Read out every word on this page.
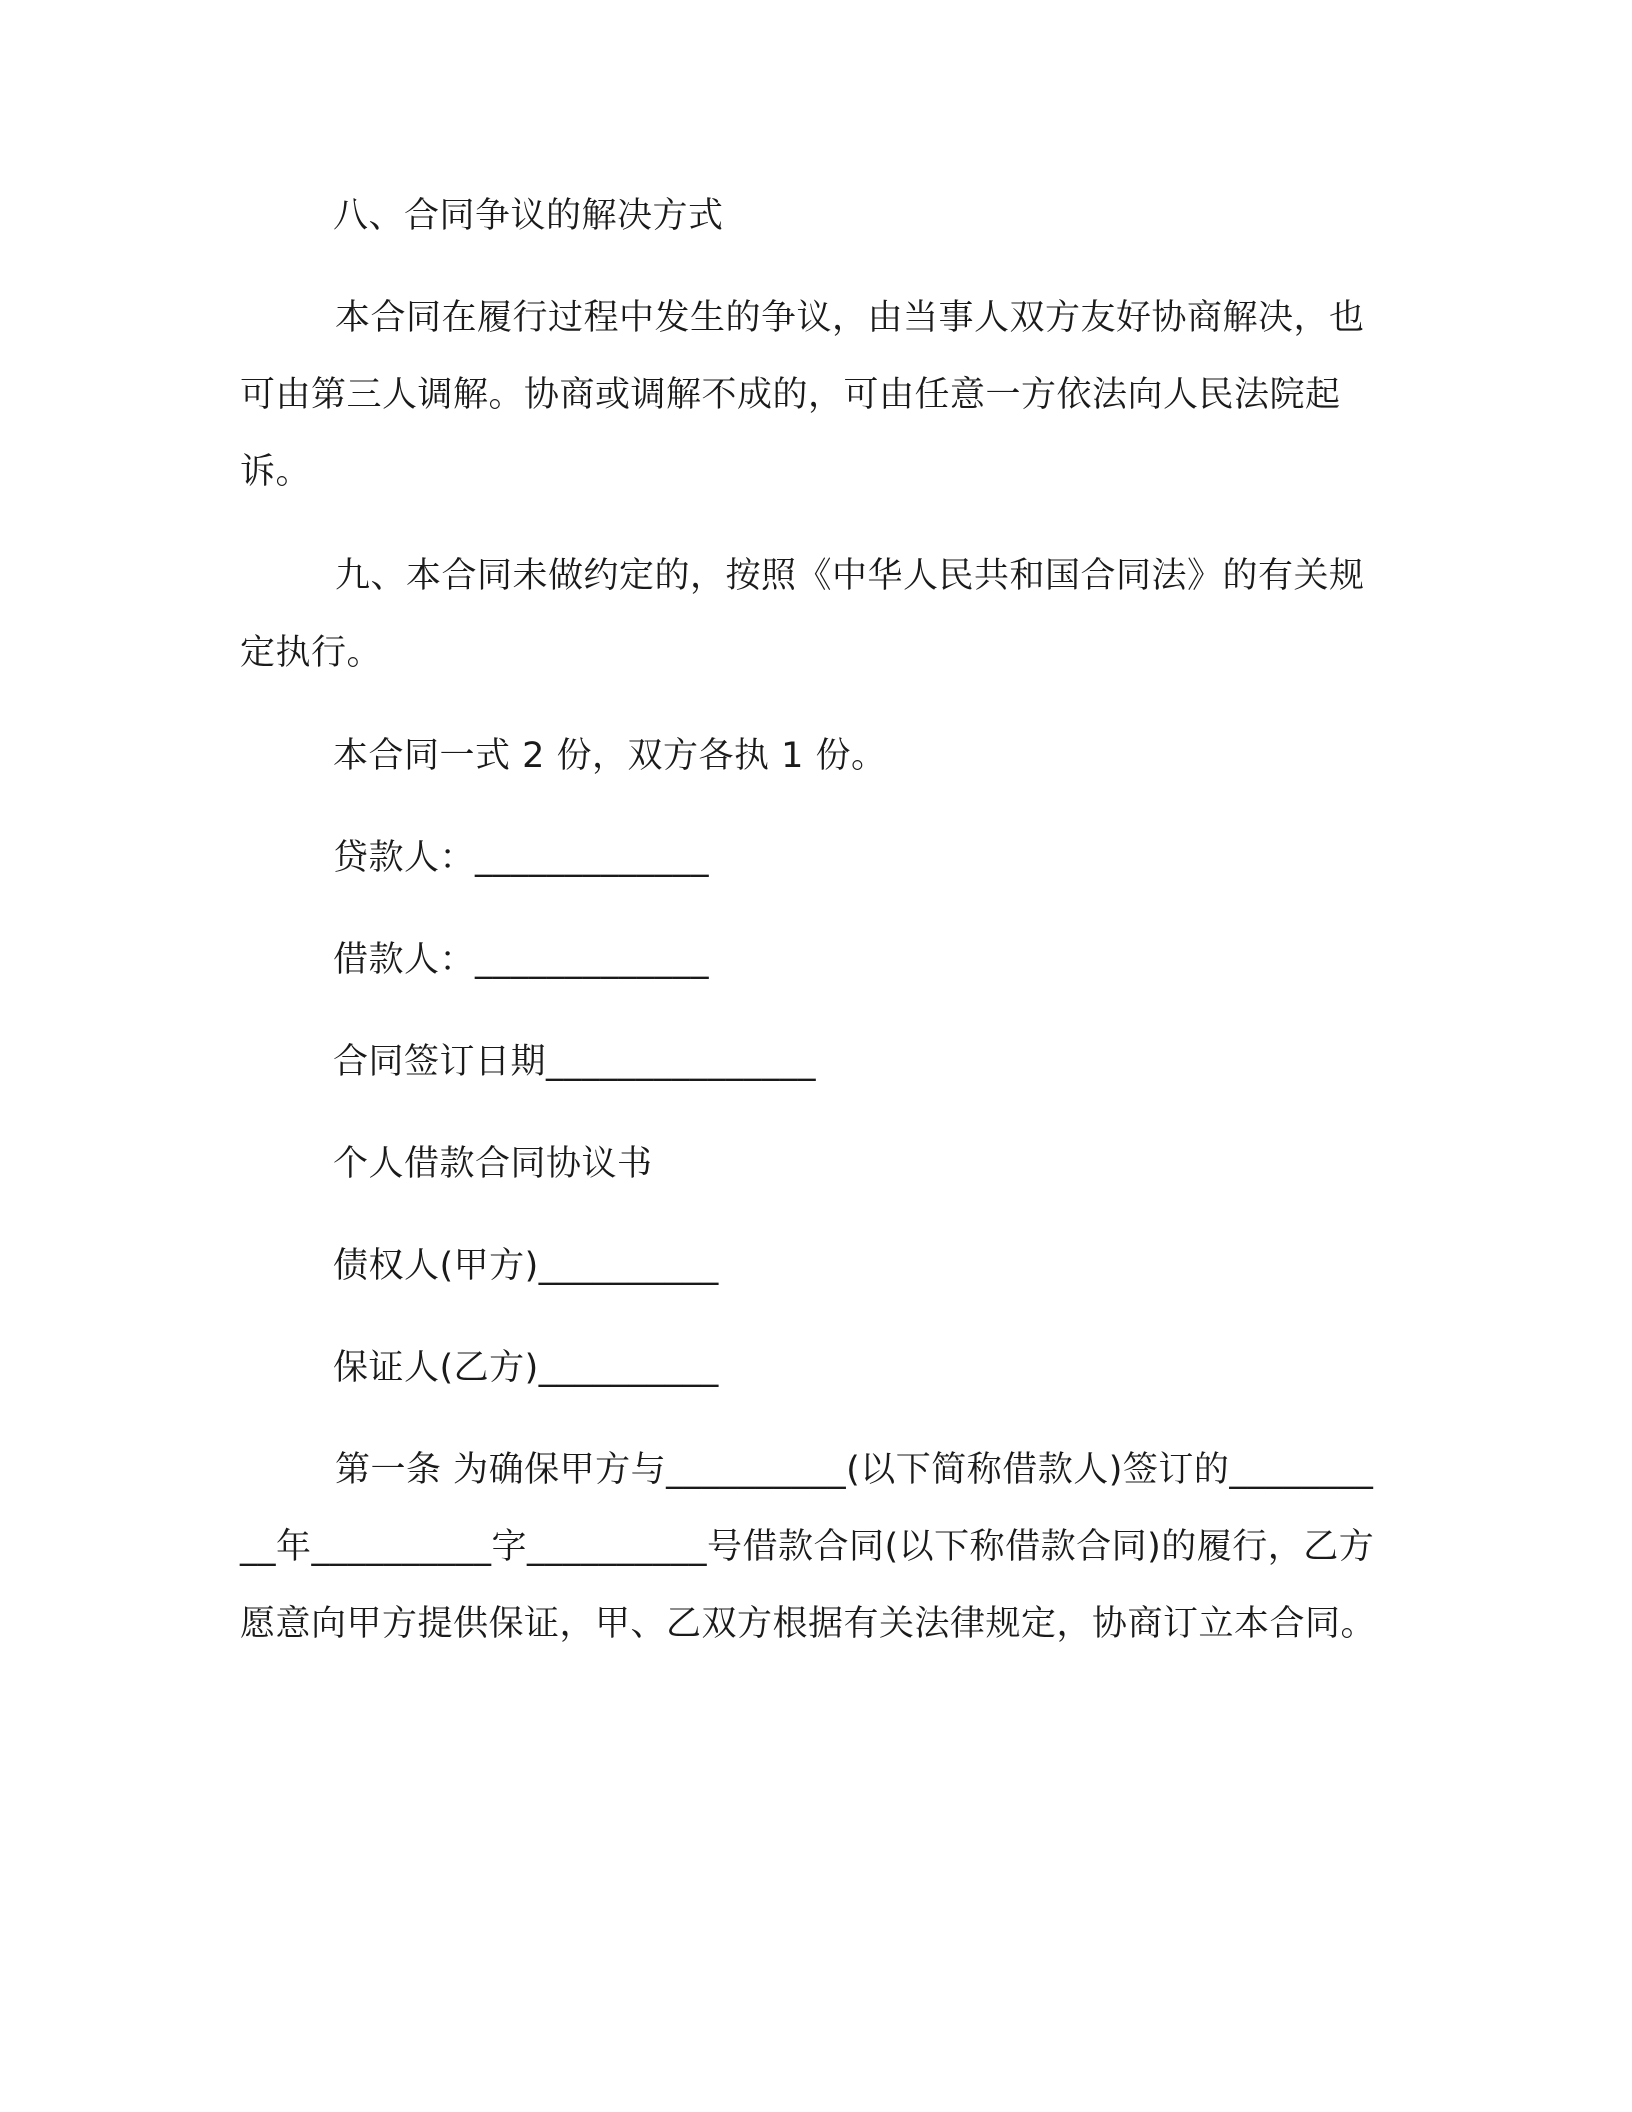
八、合同争议的解决方式

本合同在履行过程中发生的争议，由当事人双方友好协商解决，也可由第三人调解。协商或调解不成的，可由任意一方依法向人民法院起诉。

九、本合同未做约定的，按照《中华人民共和国合同法》的有关规定执行。

本合同一式 2 份，双方各执 1 份。

贷款人：_____________

借款人：_____________

合同签订日期_______________

个人借款合同协议书

债权人(甲方)__________

保证人(乙方)__________

第一条 为确保甲方与__________(以下简称借款人)签订的__________年__________字__________号借款合同(以下称借款合同)的履行，乙方愿意向甲方提供保证，甲、乙双方根据有关法律规定，协商订立本合同。
